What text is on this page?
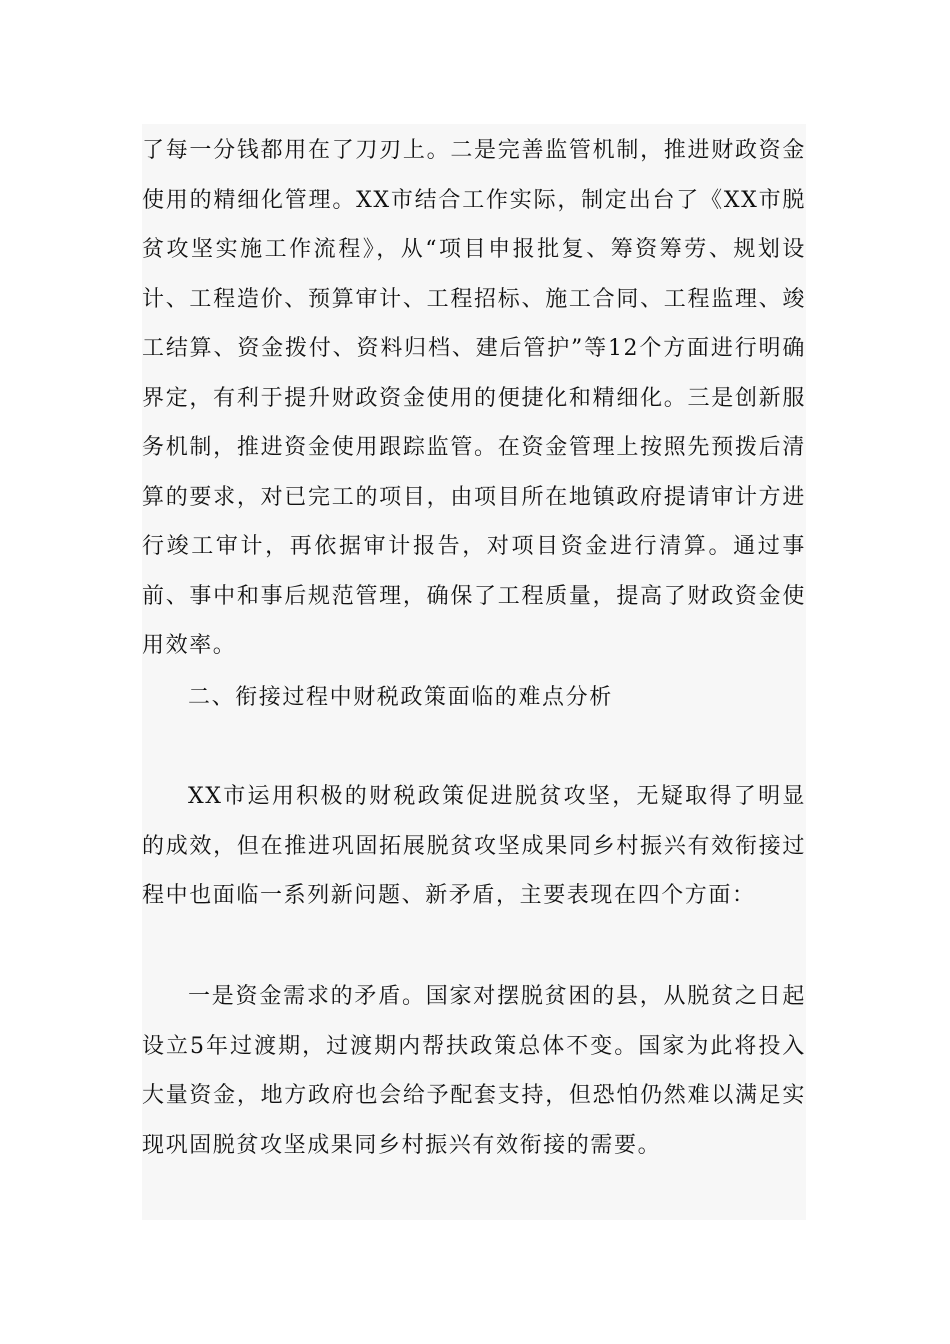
了每一分钱都用在了刀刃上。二是完善监管机制，推进财政资金使用的精细化管理。XX市结合工作实际，制定出台了《XX市脱贫攻坚实施工作流程》，从“项目申报批复、筹资筹劳、规划设计、工程造价、预算审计、工程招标、施工合同、工程监理、竣工结算、资金拨付、资料归档、建后管护”等12个方面进行明确界定，有利于提升财政资金使用的便捷化和精细化。三是创新服务机制，推进资金使用跟踪监管。在资金管理上按照先预拨后清算的要求，对已完工的项目，由项目所在地镇政府提请审计方进行竣工审计，再依据审计报告，对项目资金进行清算。通过事前、事中和事后规范管理，确保了工程质量，提高了财政资金使用效率。

二、衔接过程中财税政策面临的难点分析

XX市运用积极的财税政策促进脱贫攻坚，无疑取得了明显的成效，但在推进巩固拓展脱贫攻坚成果同乡村振兴有效衔接过程中也面临一系列新问题、新矛盾，主要表现在四个方面：

一是资金需求的矛盾。国家对摆脱贫困的县，从脱贫之日起设立5年过渡期，过渡期内帮扶政策总体不变。国家为此将投入大量资金，地方政府也会给予配套支持，但恐怕仍然难以满足实现巩固脱贫攻坚成果同乡村振兴有效衔接的需要。
